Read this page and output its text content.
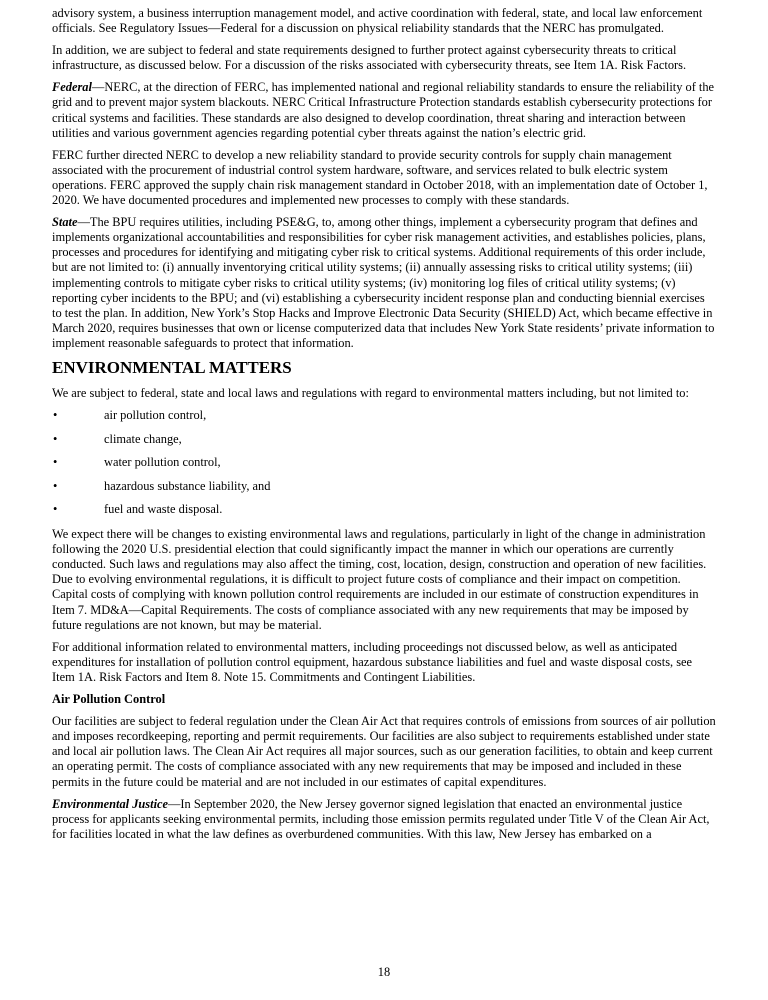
advisory system, a business interruption management model, and active coordination with federal, state, and local law enforcement officials. See Regulatory Issues—Federal for a discussion on physical reliability standards that the NERC has promulgated.

In addition, we are subject to federal and state requirements designed to further protect against cybersecurity threats to critical infrastructure, as discussed below. For a discussion of the risks associated with cybersecurity threats, see Item 1A. Risk Factors.

Federal—NERC, at the direction of FERC, has implemented national and regional reliability standards to ensure the reliability of the grid and to prevent major system blackouts. NERC Critical Infrastructure Protection standards establish cybersecurity protections for critical systems and facilities. These standards are also designed to develop coordination, threat sharing and interaction between utilities and various government agencies regarding potential cyber threats against the nation’s electric grid.

FERC further directed NERC to develop a new reliability standard to provide security controls for supply chain management associated with the procurement of industrial control system hardware, software, and services related to bulk electric system operations. FERC approved the supply chain risk management standard in October 2018, with an implementation date of October 1, 2020. We have documented procedures and implemented new processes to comply with these standards.

State—The BPU requires utilities, including PSE&G, to, among other things, implement a cybersecurity program that defines and implements organizational accountabilities and responsibilities for cyber risk management activities, and establishes policies, plans, processes and procedures for identifying and mitigating cyber risk to critical systems. Additional requirements of this order include, but are not limited to: (i) annually inventorying critical utility systems; (ii) annually assessing risks to critical utility systems; (iii) implementing controls to mitigate cyber risks to critical utility systems; (iv) monitoring log files of critical utility systems; (v) reporting cyber incidents to the BPU; and (vi) establishing a cybersecurity incident response plan and conducting biennial exercises to test the plan. In addition, New York’s Stop Hacks and Improve Electronic Data Security (SHIELD) Act, which became effective in March 2020, requires businesses that own or license computerized data that includes New York State residents’ private information to implement reasonable safeguards to protect that information.

ENVIRONMENTAL MATTERS

We are subject to federal, state and local laws and regulations with regard to environmental matters including, but not limited to:

•	air pollution control,
•	climate change,
•	water pollution control,
•	hazardous substance liability, and
•	fuel and waste disposal.

We expect there will be changes to existing environmental laws and regulations, particularly in light of the change in administration following the 2020 U.S. presidential election that could significantly impact the manner in which our operations are currently conducted. Such laws and regulations may also affect the timing, cost, location, design, construction and operation of new facilities. Due to evolving environmental regulations, it is difficult to project future costs of compliance and their impact on competition. Capital costs of complying with known pollution control requirements are included in our estimate of construction expenditures in Item 7. MD&A—Capital Requirements. The costs of compliance associated with any new requirements that may be imposed by future regulations are not known, but may be material.

For additional information related to environmental matters, including proceedings not discussed below, as well as anticipated expenditures for installation of pollution control equipment, hazardous substance liabilities and fuel and waste disposal costs, see Item 1A. Risk Factors and Item 8. Note 15. Commitments and Contingent Liabilities.

Air Pollution Control

Our facilities are subject to federal regulation under the Clean Air Act that requires controls of emissions from sources of air pollution and imposes recordkeeping, reporting and permit requirements. Our facilities are also subject to requirements established under state and local air pollution laws. The Clean Air Act requires all major sources, such as our generation facilities, to obtain and keep current an operating permit. The costs of compliance associated with any new requirements that may be imposed and included in these permits in the future could be material and are not included in our estimates of capital expenditures.

Environmental Justice—In September 2020, the New Jersey governor signed legislation that enacted an environmental justice process for applicants seeking environmental permits, including those emission permits regulated under Title V of the Clean Air Act, for facilities located in what the law defines as overburdened communities. With this law, New Jersey has embarked on a

18
